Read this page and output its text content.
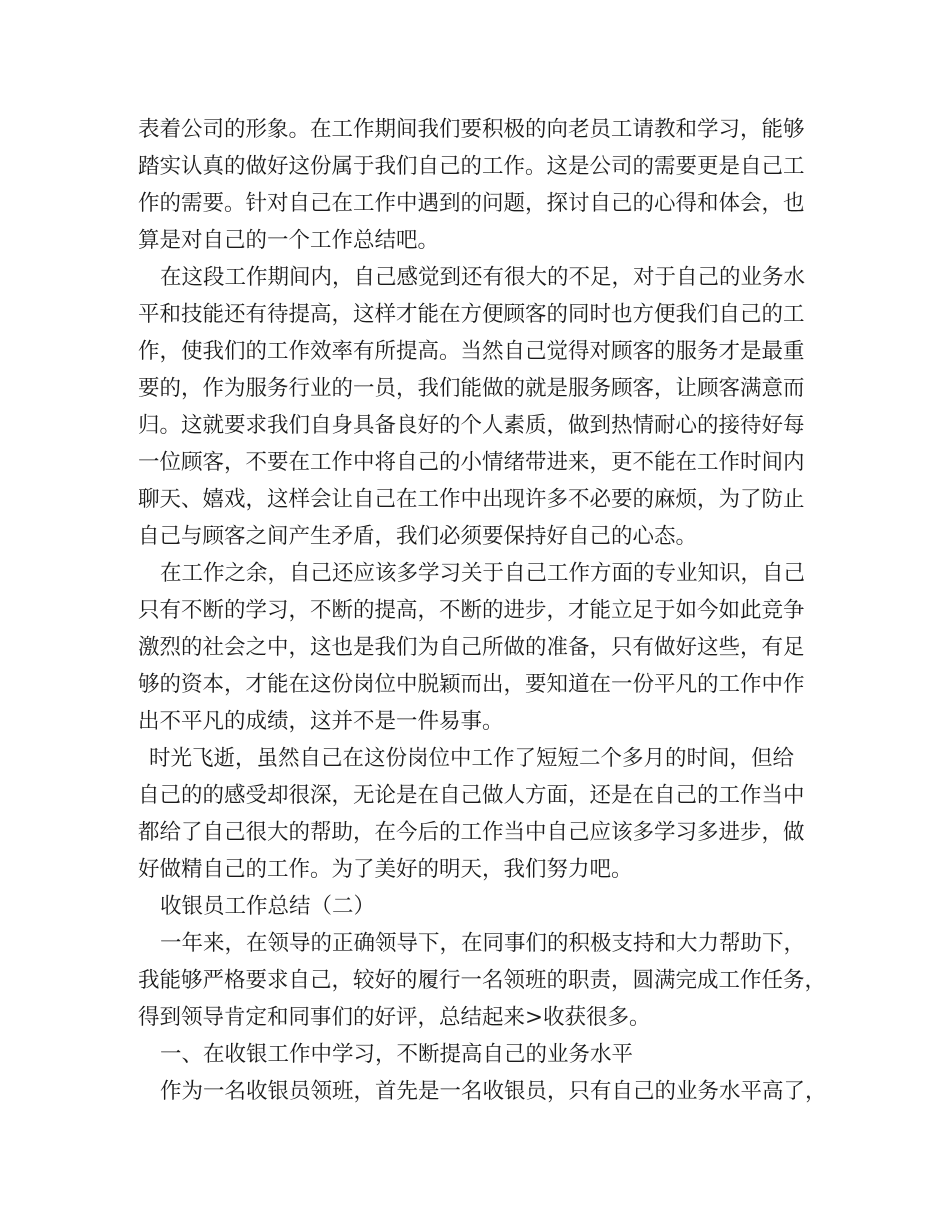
表着公司的形象。在工作期间我们要积极的向老员工请教和学习，能够
踏实认真的做好这份属于我们自己的工作。这是公司的需要更是自己工
作的需要。针对自己在工作中遇到的问题，探讨自己的心得和体会，也
算是对自己的一个工作总结吧。
在这段工作期间内，自己感觉到还有很大的不足，对于自己的业务水
平和技能还有待提高，这样才能在方便顾客的同时也方便我们自己的工
作，使我们的工作效率有所提高。当然自己觉得对顾客的服务才是最重
要的，作为服务行业的一员，我们能做的就是服务顾客，让顾客满意而
归。这就要求我们自身具备良好的个人素质，做到热情耐心的接待好每
一位顾客，不要在工作中将自己的小情绪带进来，更不能在工作时间内
聊天、嬉戏，这样会让自己在工作中出现许多不必要的麻烦，为了防止
自己与顾客之间产生矛盾，我们必须要保持好自己的心态。
在工作之余，自己还应该多学习关于自己工作方面的专业知识，自己
只有不断的学习，不断的提高，不断的进步，才能立足于如今如此竞争
激烈的社会之中，这也是我们为自己所做的准备，只有做好这些，有足
够的资本，才能在这份岗位中脱颖而出，要知道在一份平凡的工作中作
出不平凡的成绩，这并不是一件易事。
时光飞逝，虽然自己在这份岗位中工作了短短二个多月的时间，但给
自己的的感受却很深，无论是在自己做人方面，还是在自己的工作当中
都给了自己很大的帮助，在今后的工作当中自己应该多学习多进步，做
好做精自己的工作。为了美好的明天，我们努力吧。
收银员工作总结（二）
一年来，在领导的正确领导下，在同事们的积极支持和大力帮助下，
我能够严格要求自己，较好的履行一名领班的职责，圆满完成工作任务，
得到领导肯定和同事们的好评，总结起来>收获很多。
一、在收银工作中学习，不断提高自己的业务水平
作为一名收银员领班，首先是一名收银员，只有自己的业务水平高了，
